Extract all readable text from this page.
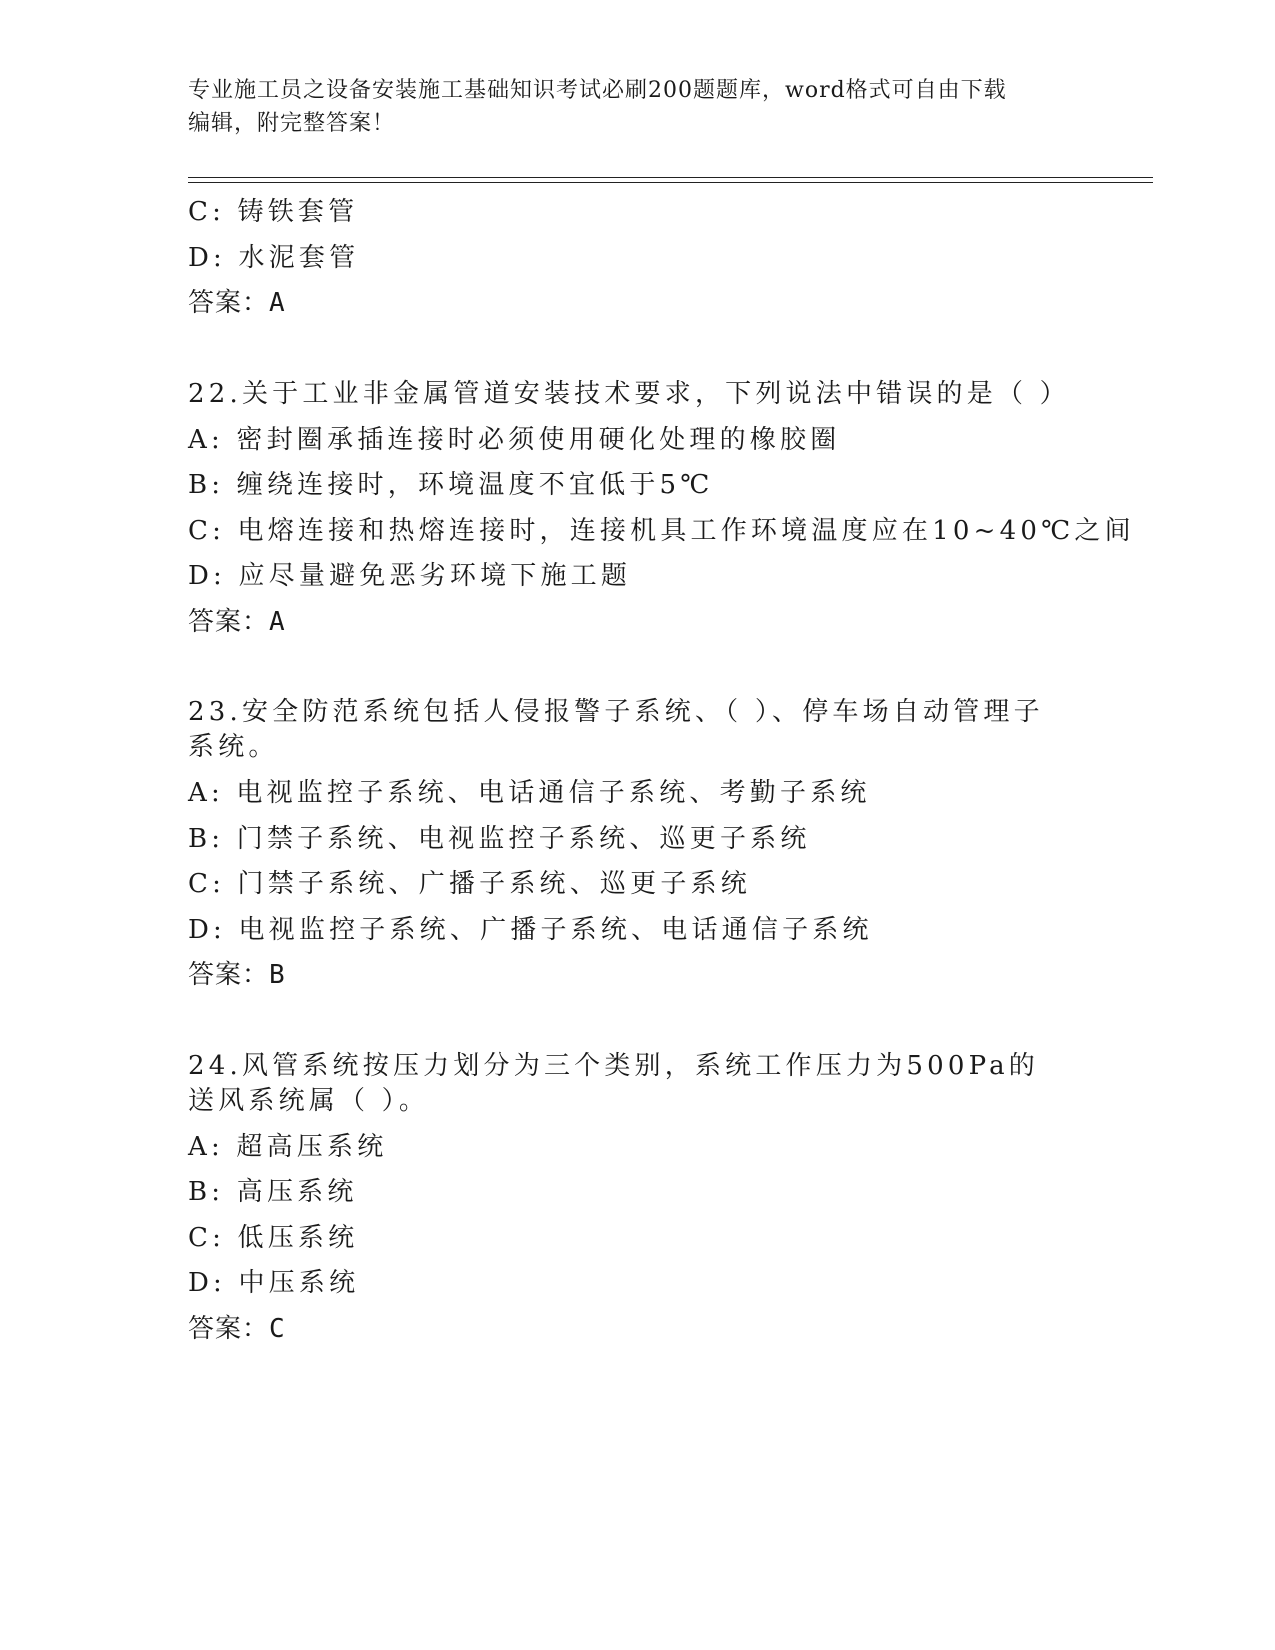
专业施工员之设备安装施工基础知识考试必刷200题题库，word格式可自由下载
编辑，附完整答案！
C: 铸铁套管
D: 水泥套管
答案：A
22.关于工业非金属管道安装技术要求，下列说法中错误的是（ ）
A: 密封圈承插连接时必须使用硬化处理的橡胶圈
B: 缠绕连接时，环境温度不宜低于5℃
C: 电熔连接和热熔连接时，连接机具工作环境温度应在10~40℃之间
D: 应尽量避免恶劣环境下施工题
答案：A
23.安全防范系统包括人侵报警子系统、（ ）、停车场自动管理子系统。
A: 电视监控子系统、电话通信子系统、考勤子系统
B: 门禁子系统、电视监控子系统、巡更子系统
C: 门禁子系统、广播子系统、巡更子系统
D: 电视监控子系统、广播子系统、电话通信子系统
答案：B
24.风管系统按压力划分为三个类别，系统工作压力为500Pa的送风系统属（ ）。
A: 超高压系统
B: 高压系统
C: 低压系统
D: 中压系统
答案：C
